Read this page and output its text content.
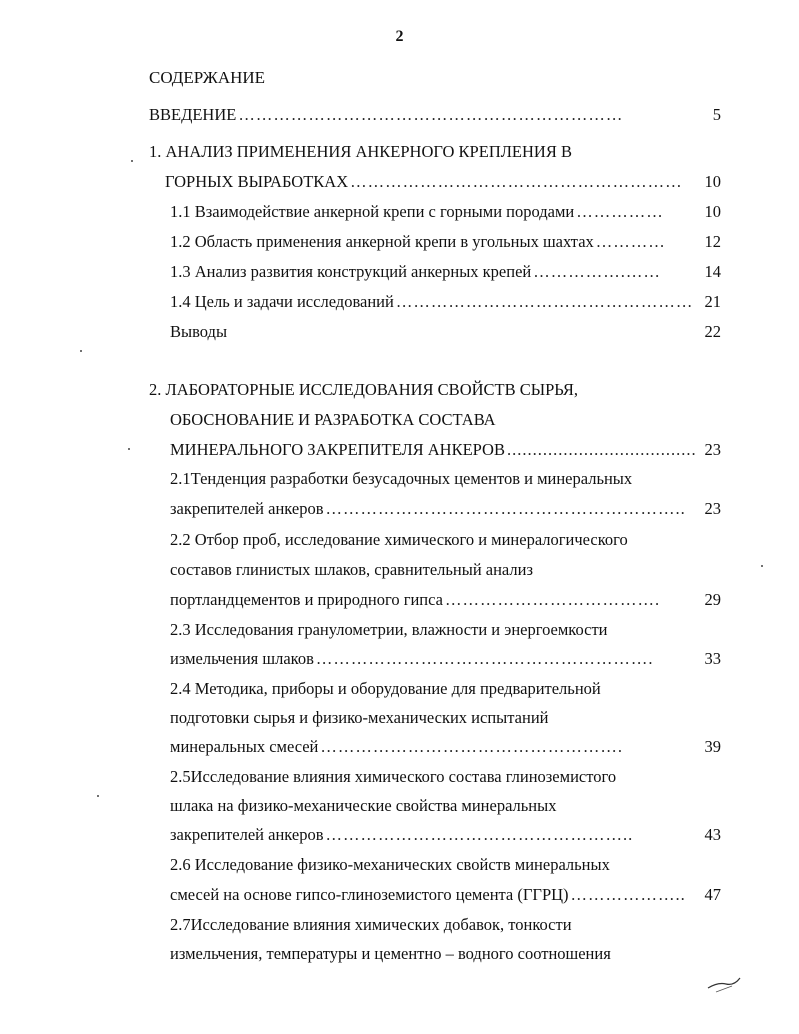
2
СОДЕРЖАНИЕ
ВВЕДЕНИЕ …………………………………………………………	5
1. АНАЛИЗ ПРИМЕНЕНИЯ АНКЕРНОГО КРЕПЛЕНИЯ В
ГОРНЫХ ВЫРАБОТКАХ …………………………………………………	10
1.1 Взаимодействие анкерной крепи с горными породами ……………	10
1.2 Область применения анкерной крепи в угольных шахтах …………	12
1.3 Анализ развития конструкций анкерных крепей …………….……	14
1.4 Цель и задачи исследований …………………………………………… 21
Выводы	22
2. ЛАБОРАТОРНЫЕ ИССЛЕДОВАНИЯ СВОЙСТВ СЫРЬЯ,
ОБОСНОВАНИЕ И РАЗРАБОТКА СОСТАВА
МИНЕРАЛЬНОГО ЗАКРЕПИТЕЛЯ АНКЕРОВ ..................................... 23
2.1Тенденция разработки безусадочных цементов и минеральных
закрепителей анкеров ……………………………………………………..	23
2.2 Отбор проб, исследование химического и минералогического
составов глинистых шлаков, сравнительный анализ
портландцементов и природного гипса ……………………………….	29
2.3 Исследования гранулометрии, влажности и энергоемкости
измельчения шлаков ………………………………………………….	33
2.4 Методика, приборы и оборудование для предварительной
подготовки сырья и физико-механических испытаний
минеральных смесей …………………………………………….	39
2.5Исследование влияния химического состава глиноземистого
шлака на физико-механические свойства минеральных
закрепителей анкеров ……………………………………………..	43
2.6 Исследование физико-механических свойств минеральных
смесей на основе гипсо-глиноземистого цемента (ГГРЦ) ………………..	47
2.7Исследование влияния химических добавок, тонкости
измельчения, температуры и цементно – водного соотношения
